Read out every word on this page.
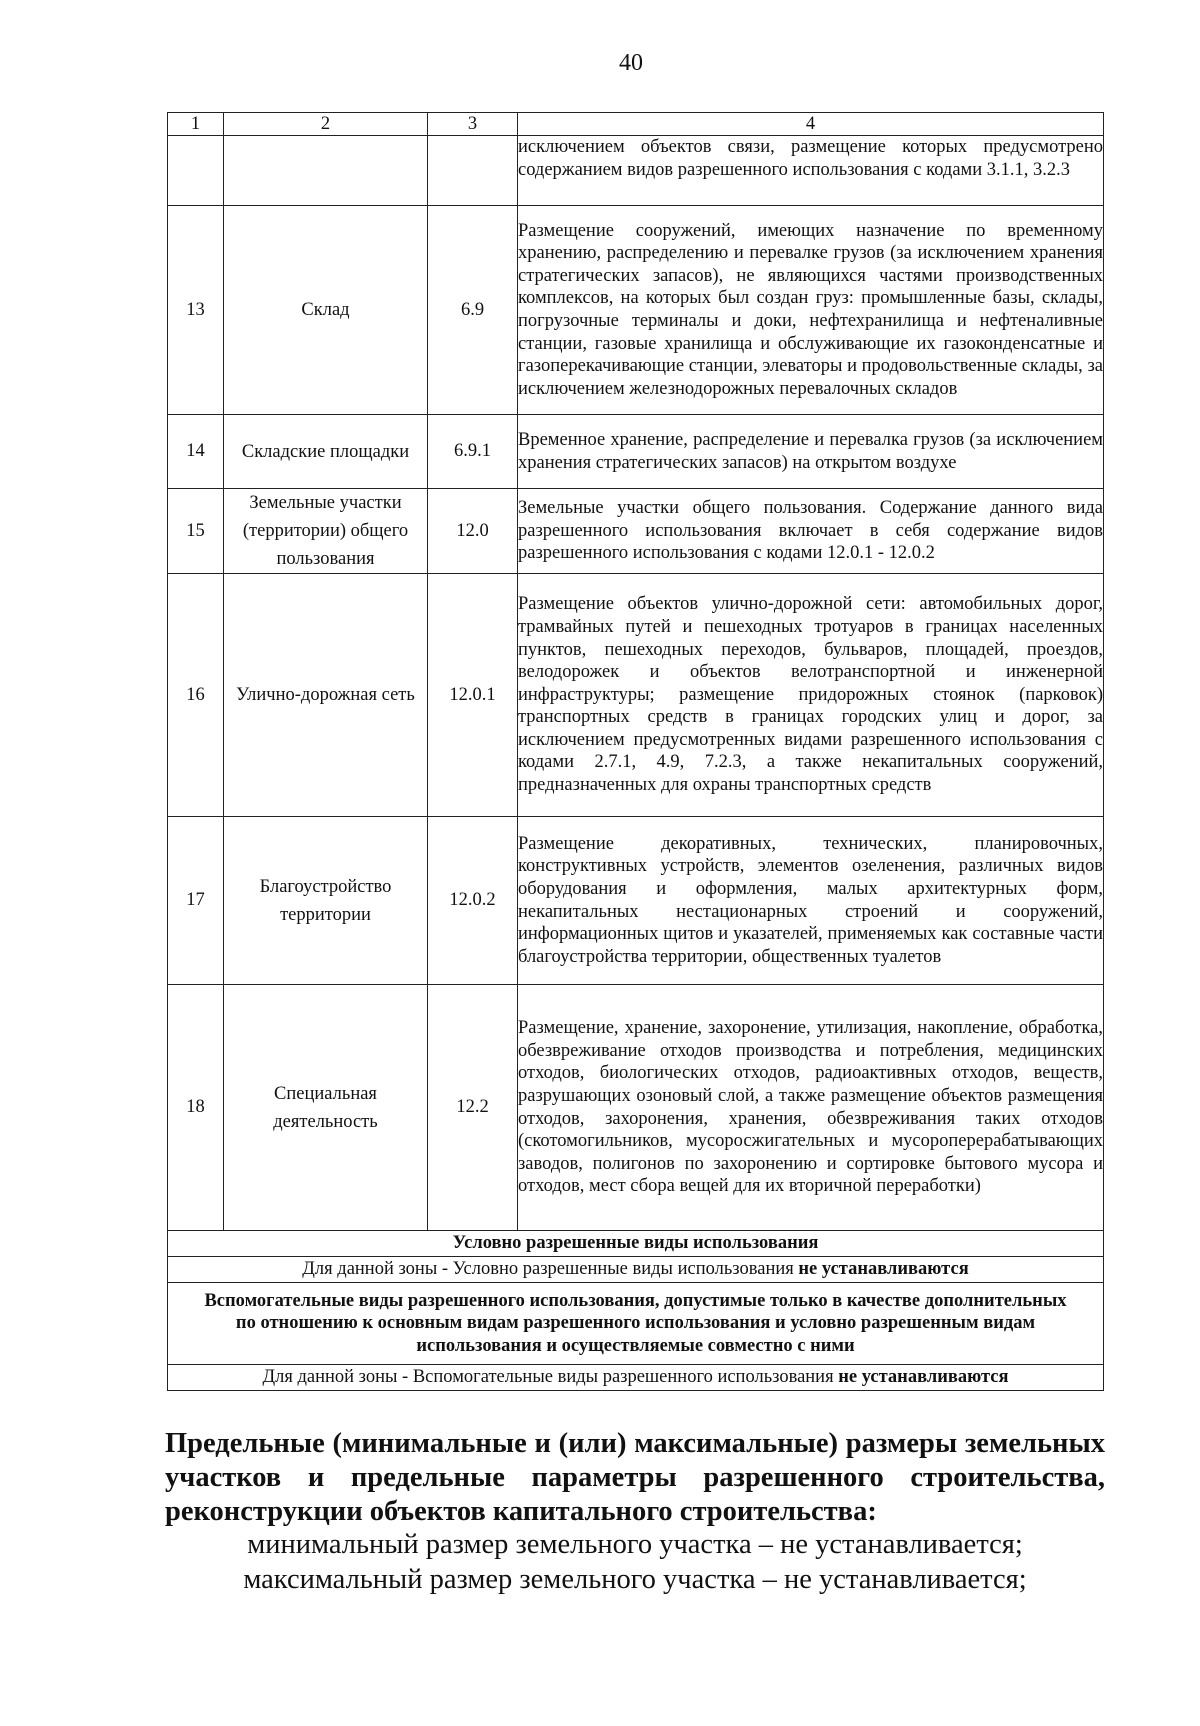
40
1	2	3	4
			исключением объектов связи, размещение которых предусмотрено содержанием видов разрешенного использования с кодами 3.1.1, 3.2.3
13	Склад	6.9	Размещение сооружений, имеющих назначение по временному хранению, распределению и перевалке грузов (за исключением хранения стратегических запасов), не являющихся частями производственных комплексов, на которых был создан груз: промышленные базы, склады, погрузочные терминалы и доки, нефтехранилища и нефтеналивные станции, газовые хранилища и обслуживающие их газоконденсатные и газоперекачивающие станции, элеваторы и продовольственные склады, за исключением железнодорожных перевалочных складов
14	Складские площадки	6.9.1	Временное хранение, распределение и перевалка грузов (за исключением хранения стратегических запасов) на открытом воздухе
15	Земельные участки (территории) общего пользования	12.0	Земельные участки общего пользования. Содержание данного вида разрешенного использования включает в себя содержание видов разрешенного использования с кодами 12.0.1 - 12.0.2
16	Улично-дорожная сеть	12.0.1	Размещение объектов улично-дорожной сети: автомобильных дорог, трамвайных путей и пешеходных тротуаров в границах населенных пунктов, пешеходных переходов, бульваров, площадей, проездов, велодорожек и объектов велотранспортной и инженерной инфраструктуры; размещение придорожных стоянок (парковок) транспортных средств в границах городских улиц и дорог, за исключением предусмотренных видами разрешенного использования с кодами 2.7.1, 4.9, 7.2.3, а также некапитальных сооружений, предназначенных для охраны транспортных средств
17	Благоустройство территории	12.0.2	Размещение декоративных, технических, планировочных, конструктивных устройств, элементов озеленения, различных видов оборудования и оформления, малых архитектурных форм, некапитальных нестационарных строений и сооружений, информационных щитов и указателей, применяемых как составные части благоустройства территории, общественных туалетов
18	Специальная деятельность	12.2	Размещение, хранение, захоронение, утилизация, накопление, обработка, обезвреживание отходов производства и потребления, медицинских отходов, биологических отходов, радиоактивных отходов, веществ, разрушающих озоновый слой, а также размещение объектов размещения отходов, захоронения, хранения, обезвреживания таких отходов (скотомогильников, мусоросжигательных и мусороперерабатывающих заводов, полигонов по захоронению и сортировке бытового мусора и отходов, мест сбора вещей для их вторичной переработки)
Условно разрешенные виды использования			
Для данной зоны - Условно разрешенные виды использования не устанавливаются			
Вспомогательные виды разрешенного использования, допустимые только в качестве дополнительных по отношению к основным видам разрешенного использования и условно разрешенным видам использования и осуществляемые совместно с ними			
Для данной зоны - Вспомогательные виды разрешенного использования не устанавливаются			
Предельные (минимальные и (или) максимальные) размеры земельных участков и предельные параметры разрешенного строительства, реконструкции объектов капитального строительства:
минимальный размер земельного участка – не устанавливается;
максимальный размер земельного участка – не устанавливается;
